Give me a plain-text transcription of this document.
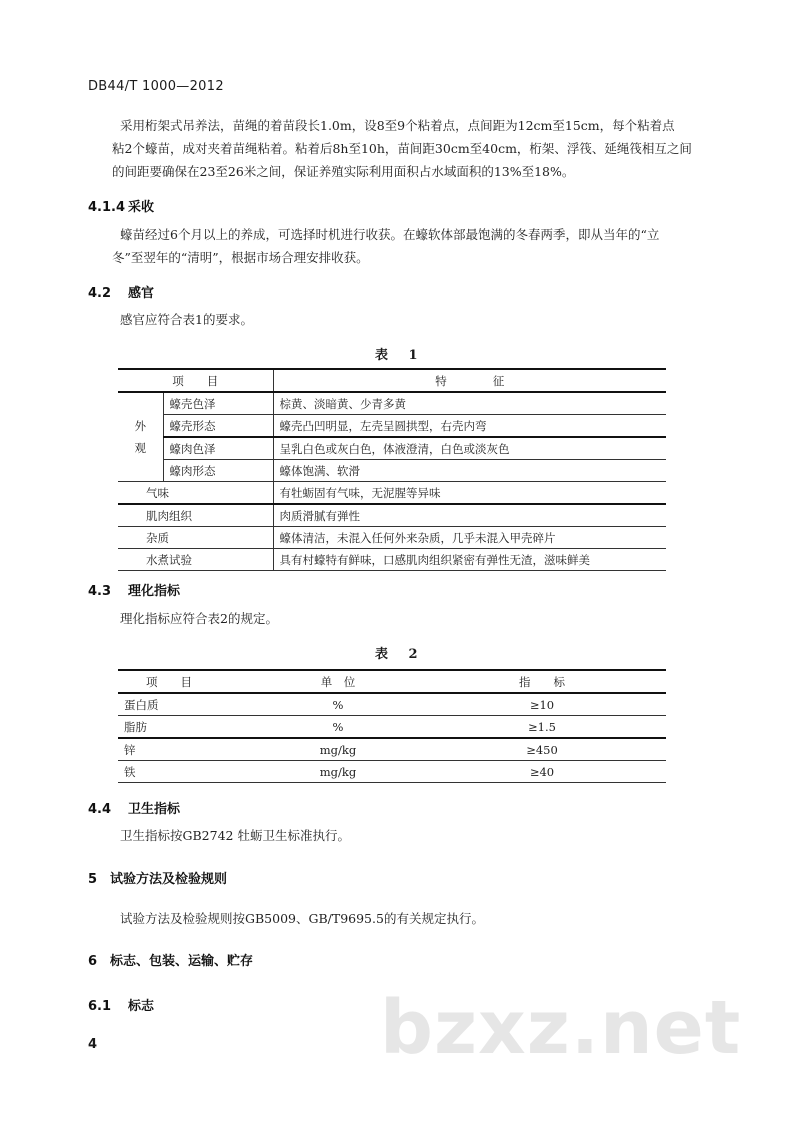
DB44/T 1000—2012
采用桁架式吊养法，苗绳的着苗段长1.0m，设8至9个粘着点，点间距为12cm至15cm，每个粘着点
粘2个蠔苗，成对夹着苗绳粘着。粘着后8h至10h，苗间距30cm至40cm，桁架、浮筏、延绳筏相互之间
的间距要确保在23至26米之间，保证养殖实际利用面积占水域面积的13%至18%。
4.1.4 采收
蠔苗经过6个月以上的养成，可选择时机进行收获。在蠔软体部最饱满的冬春两季，即从当年的“立
冬”至翌年的“清明”，根据市场合理安排收获。
4.2 感官
感官应符合表1的要求。
表 1
项　　目		特　　　　征
外
观	蠔壳色泽	棕黄、淡暗黄、少青多黄
	蠔壳形态	蠔壳凸凹明显，左壳呈圆拱型，右壳内弯
	蠔肉色泽	呈乳白色或灰白色，体液澄清，白色或淡灰色
	蠔肉形态	蠔体饱满、软滑
气味		有牡蛎固有气味，无泥腥等异味
肌肉组织		肉质滑腻有弹性
杂质		蠔体清洁，未混入任何外来杂质，几乎未混入甲壳碎片
水煮试验		具有村蠔特有鲜味，口感肌肉组织紧密有弹性无渣，滋味鲜美
4.3 理化指标
理化指标应符合表2的规定。
表 2
项　　目	单　位	指　　标
蛋白质	%	≥10
脂肪	%	≥1.5
锌	mg/kg	≥450
铁	mg/kg	≥40
4.4 卫生指标
卫生指标按GB2742 牡蛎卫生标准执行。
5 试验方法及检验规则
试验方法及检验规则按GB5009、GB/T9695.5的有关规定执行。
6 标志、包装、运输、贮存
6.1 标志	bzxz.net
4
